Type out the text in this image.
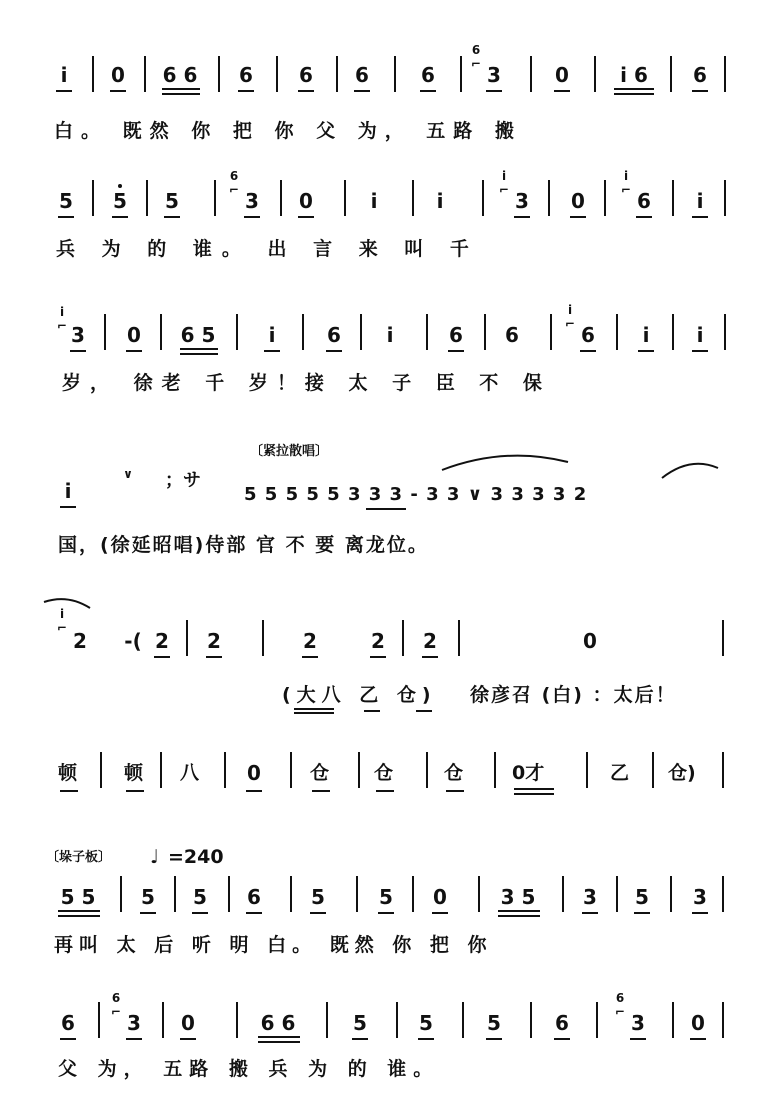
i	0 6 6 6 6 6	6
6
⌐ 3	0	i 6	6
白。 既然 你 把 你 父 为， 五路 搬
5 5 5
6
⌐ 3 0	i	i
i
⌐ 3 0
i
⌐ 6	i
兵 为 的 谁。 出 言 来 叫 千
i
⌐ 3 0 6 5	i	6	i	6 6
i
⌐ 6	i	i
岁， 徐老 千 岁！接 太 子 臣 不 保
〔紧拉散唱〕
i
∨	；サ
5 5 5 5 5 3 3 3 - 3 3 ∨ 3 3 3 3 2
国，(徐延昭唱)侍部 官 不 要 离龙位。
i
⌐
2	-( 2 2	2	2 2	0
(大八 乙 仓) 徐彦召 (白) ：太后！
顿 顿 八 0	仓 仓	仓	0才	乙 仓)
〔垛子板〕 ♩ =240
5 5 5 5 6	5	5 0	3 5 3 5 3
再叫 太 后 听 明 白。 既然 你 把 你
6
6
⌐ 3 0	6 6	5	5	5	6
6
⌐ 3 0
父 为， 五路 搬 兵 为 的 谁。
